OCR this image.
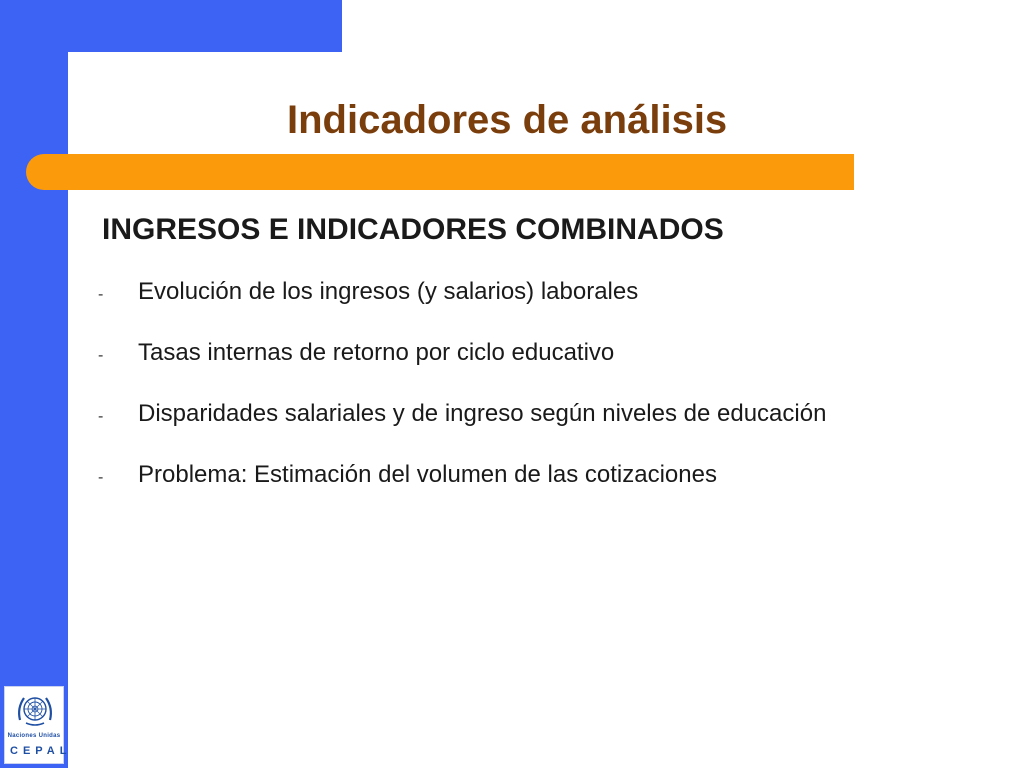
Indicadores de análisis
INGRESOS E INDICADORES COMBINADOS
-	Evolución de los ingresos (y salarios) laborales
-	Tasas internas de retorno por ciclo educativo
-	Disparidades salariales y de ingreso según niveles de educación
-	Problema: Estimación del volumen de las cotizaciones
Naciones Unidas
CEPAL
